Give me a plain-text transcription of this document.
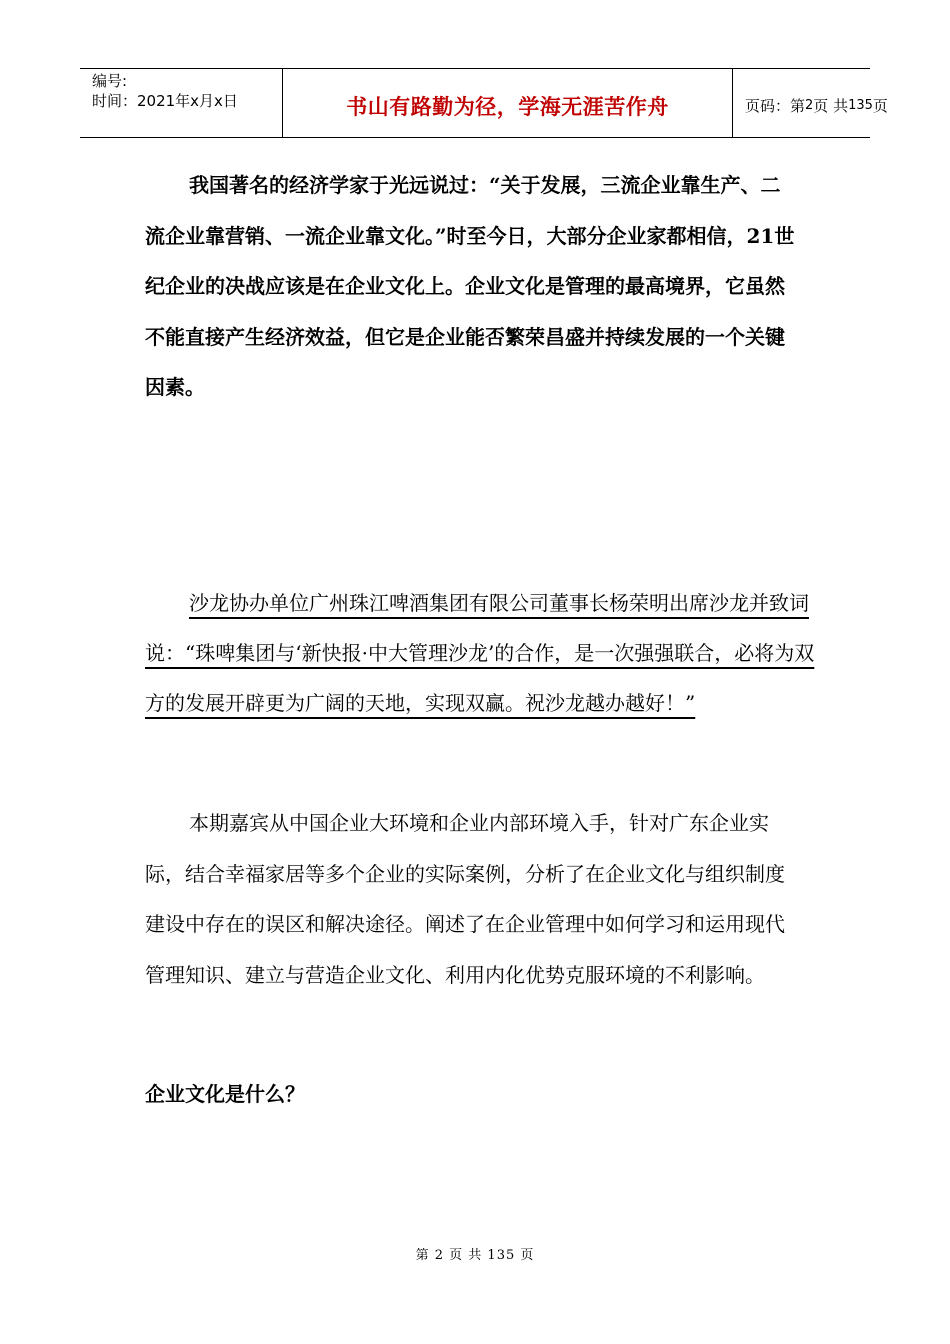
编号:
时间：2021年x月x日	书山有路勤为径，学海无涯苦作舟	页码：第 2 页 共 135 页

我国著名的经济学家于光远说过：“关于发展，三流企业靠生产、二流企业靠营销、一流企业靠文化。”时至今日，大部分企业家都相信，21世纪企业的决战应该是在企业文化上。企业文化是管理的最高境界，它虽然不能直接产生经济效益，但它是企业能否繁荣昌盛并持续发展的一个关键因素。

沙龙协办单位广州珠江啤酒集团有限公司董事长杨荣明出席沙龙并致词说：“珠啤集团与‘新快报·中大管理沙龙’的合作，是一次强强联合，必将为双方的发展开辟更为广阔的天地，实现双赢。祝沙龙越办越好！”

本期嘉宾从中国企业大环境和企业内部环境入手，针对广东企业实际，结合幸福家居等多个企业的实际案例，分析了在企业文化与组织制度建设中存在的误区和解决途径。阐述了在企业管理中如何学习和运用现代管理知识、建立与营造企业文化、利用内化优势克服环境的不利影响。

企业文化是什么？
第 2 页 共 135 页
